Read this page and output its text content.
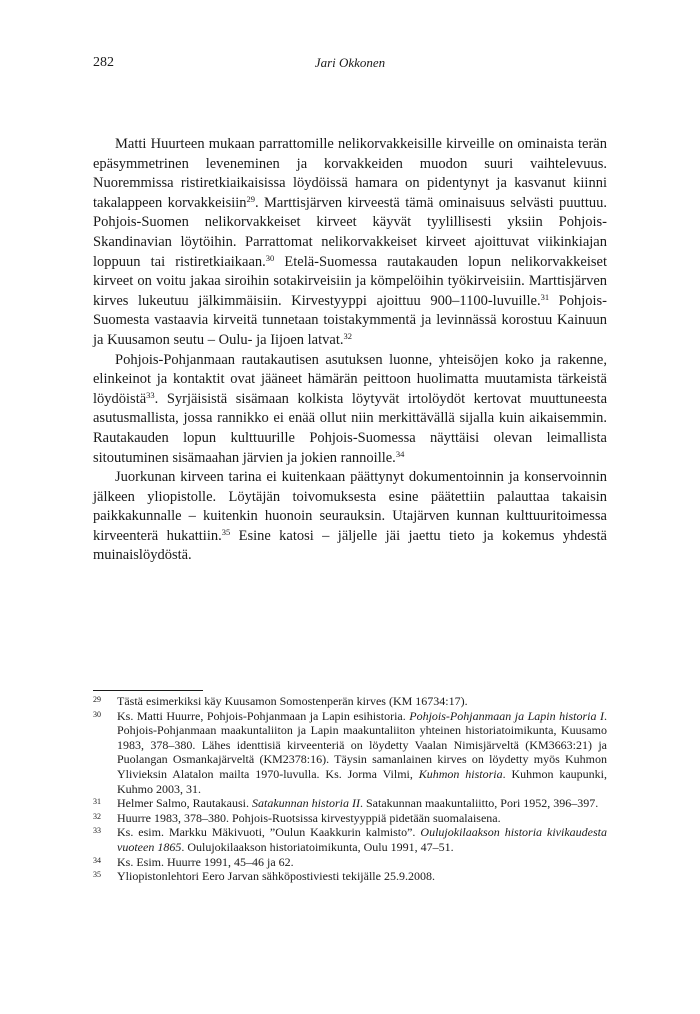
282	Jari Okkonen

Matti Huurteen mukaan parrattomille nelikorvakkeisille kirveille on ominaista terän epäsymmetrinen leveneminen ja korvakkeiden muodon suuri vaihtelevuus. Nuoremmissa ristiretkiaikaisissa löydöissä hamara on pidentynyt ja kasvanut kiinni takalappeen korvakkeisiin$^{29}$. Marttisjärven kirveestä tämä ominaisuus selvästi puuttuu. Pohjois-Suomen nelikorvakkeiset kirveet käyvät tyylillisesti yksiin Pohjois-Skandinavian löytöihin. Parrattomat nelikorvakkeiset kirveet ajoittuvat viikinkiajan loppuun tai ristiretkiaikaan.$^{30}$ Etelä-Suomessa rautakauden lopun nelikorvakkeiset kirveet on voitu jakaa siroihin sotakirveisiin ja kömpelöihin työkirveisiin. Marttisjärven kirves lukeutuu jälkimmäisiin. Kirvestyyppi ajoittuu 900–1100-luvuille.$^{31}$ Pohjois-Suomesta vastaavia kirveitä tunnetaan toistakymmentä ja levinnässä korostuu Kainuun ja Kuusamon seutu – Oulu- ja Iijoen latvat.$^{32}$

Pohjois-Pohjanmaan rautakautisen asutuksen luonne, yhteisöjen koko ja rakenne, elinkeinot ja kontaktit ovat jääneet hämärän peittoon huolimatta muutamista tärkeistä löydöistä$^{33}$. Syrjäisistä sisämaan kolkista löytyvät irtolöydöt kertovat muuttuneesta asutusmallista, jossa rannikko ei enää ollut niin merkittävällä sijalla kuin aikaisemmin. Rautakauden lopun kulttuurille Pohjois-Suomessa näyttäisi olevan leimallista sitoutuminen sisämaahan järvien ja jokien rannoille.$^{34}$

Juorkunan kirveen tarina ei kuitenkaan päättynyt dokumentoinnin ja konservoinnin jälkeen yliopistolle. Löytäjän toivomuksesta esine päätettiin palauttaa takaisin paikkakunnalle – kuitenkin huonoin seurauksin. Utajärven kunnan kulttuuritoimessa kirveenterä hukattiin.$^{35}$ Esine katosi – jäljelle jäi jaettu tieto ja kokemus yhdestä muinaislöydöstä.

29	Tästä esimerkiksi käy Kuusamon Somostenperän kirves (KM 16734:17).
30	Ks. Matti Huurre, Pohjois-Pohjanmaan ja Lapin esihistoria. Pohjois-Pohjanmaan ja Lapin historia I. Pohjois-Pohjanmaan maakuntaliiton ja Lapin maakuntaliiton yhteinen historiatoimikunta, Kuusamo 1983, 378–380. Lähes identtisiä kirveenteriä on löydetty Vaalan Nimisjärveltä (KM3663:21) ja Puolangan Osmankajärveltä (KM2378:16). Täysin samanlainen kirves on löydetty myös Kuhmon Ylivieksin Alatalon mailta 1970-luvulla. Ks. Jorma Vilmi, Kuhmon historia. Kuhmon kaupunki, Kuhmo 2003, 31.
31	Helmer Salmo, Rautakausi. Satakunnan historia II. Satakunnan maakuntaliitto, Pori 1952, 396–397.
32	Huurre 1983, 378–380. Pohjois-Ruotsissa kirvestyyppiä pidetään suomalaisena.
33	Ks. esim. Markku Mäkivuoti, ”Oulun Kaakkurin kalmisto”. Oulujokilaakson historia kivikaudesta vuoteen 1865. Oulujokilaakson historiatoimikunta, Oulu 1991, 47–51.
34	Ks. Esim. Huurre 1991, 45–46 ja 62.
35	Yliopistonlehtori Eero Jarvan sähköpostiviesti tekijälle 25.9.2008.
